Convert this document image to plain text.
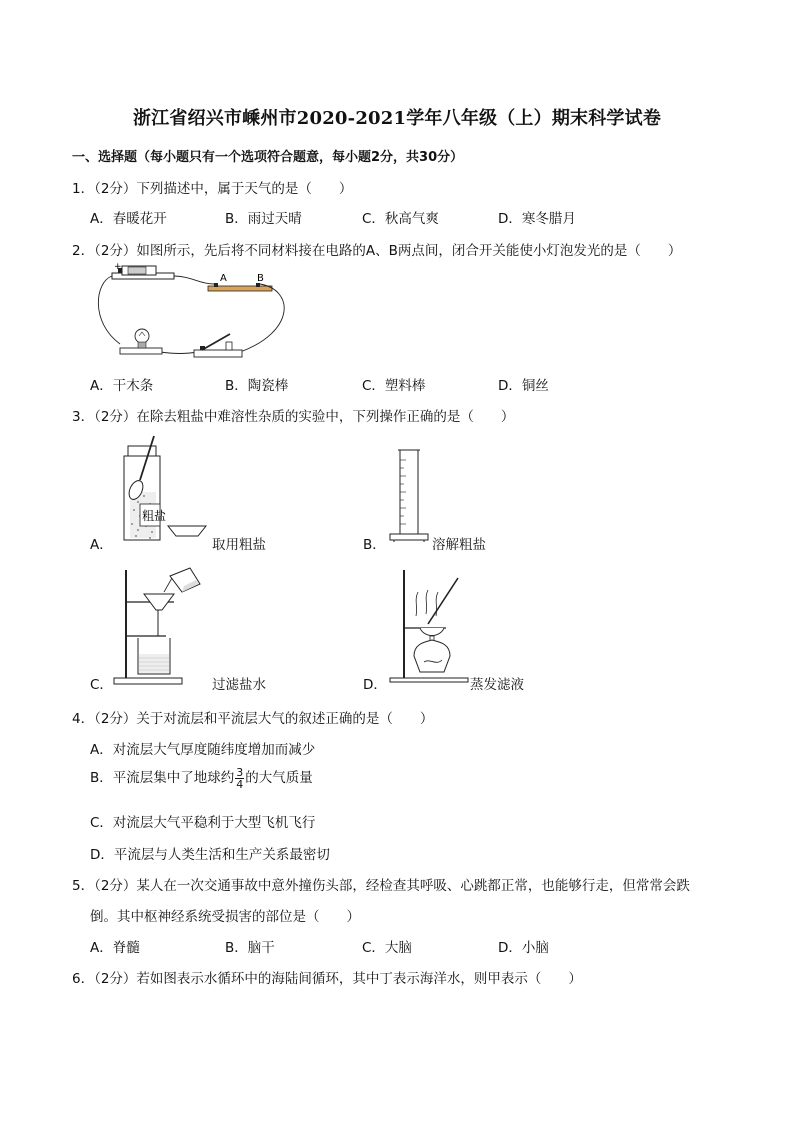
浙江省绍兴市嵊州市2020-2021学年八年级（上）期末科学试卷
一、选择题（每小题只有一个选项符合题意，每小题2分，共30分）
1．（2分）下列描述中，属于天气的是（　　）
A．春暖花开	B．雨过天晴	C．秋高气爽	D．寒冬腊月
2．（2分）如图所示，先后将不同材料接在电路的A、B两点间，闭合开关能使小灯泡发光的是（　　）
+
A	B
A．干木条	B．陶瓷棒	C．塑料棒	D．铜丝
3．（2分）在除去粗盐中难溶性杂质的实验中，下列操作正确的是（　　）
粗盐
A．	取用粗盐	B．	溶解粗盐
C．	过滤盐水	D．	蒸发滤液
4．（2分）关于对流层和平流层大气的叙述正确的是（　　）
A．对流层大气厚度随纬度增加而减少
B．平流层集中了地球约 $\frac{3}{4}$ 的大气质量
C．对流层大气平稳利于大型飞机飞行
D．平流层与人类生活和生产关系最密切
5．（2分）某人在一次交通事故中意外撞伤头部，经检查其呼吸、心跳都正常，也能够行走，但常常会跌
倒。其中枢神经系统受损害的部位是（　　）
A．脊髓	B．脑干	C．大脑	D．小脑
6．（2分）若如图表示水循环中的海陆间循环，其中丁表示海洋水，则甲表示（　　）
